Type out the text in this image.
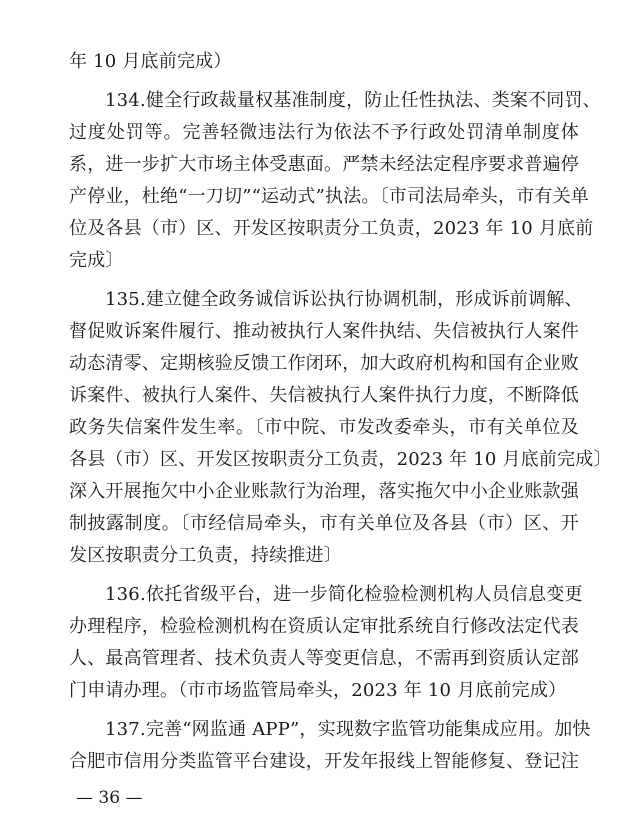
年 10 月底前完成）
134.健全行政裁量权基准制度，防止任性执法、类案不同罚、
过度处罚等。完善轻微违法行为依法不予行政处罚清单制度体
系，进一步扩大市场主体受惠面。严禁未经法定程序要求普遍停
产停业，杜绝“一刀切”“运动式”执法。〔市司法局牵头，市有关单
位及各县（市）区、开发区按职责分工负责，2023 年 10 月底前
完成〕
135.建立健全政务诚信诉讼执行协调机制，形成诉前调解、
督促败诉案件履行、推动被执行人案件执结、失信被执行人案件
动态清零、定期核验反馈工作闭环，加大政府机构和国有企业败
诉案件、被执行人案件、失信被执行人案件执行力度，不断降低
政务失信案件发生率。〔市中院、市发改委牵头，市有关单位及
各县（市）区、开发区按职责分工负责，2023 年 10 月底前完成〕
深入开展拖欠中小企业账款行为治理，落实拖欠中小企业账款强
制披露制度。〔市经信局牵头，市有关单位及各县（市）区、开
发区按职责分工负责，持续推进〕
136.依托省级平台，进一步简化检验检测机构人员信息变更
办理程序，检验检测机构在资质认定审批系统自行修改法定代表
人、最高管理者、技术负责人等变更信息，不需再到资质认定部
门申请办理。（市市场监管局牵头，2023 年 10 月底前完成）
137.完善“网监通 APP”，实现数字监管功能集成应用。加快
合肥市信用分类监管平台建设，开发年报线上智能修复、登记注
— 36 —
